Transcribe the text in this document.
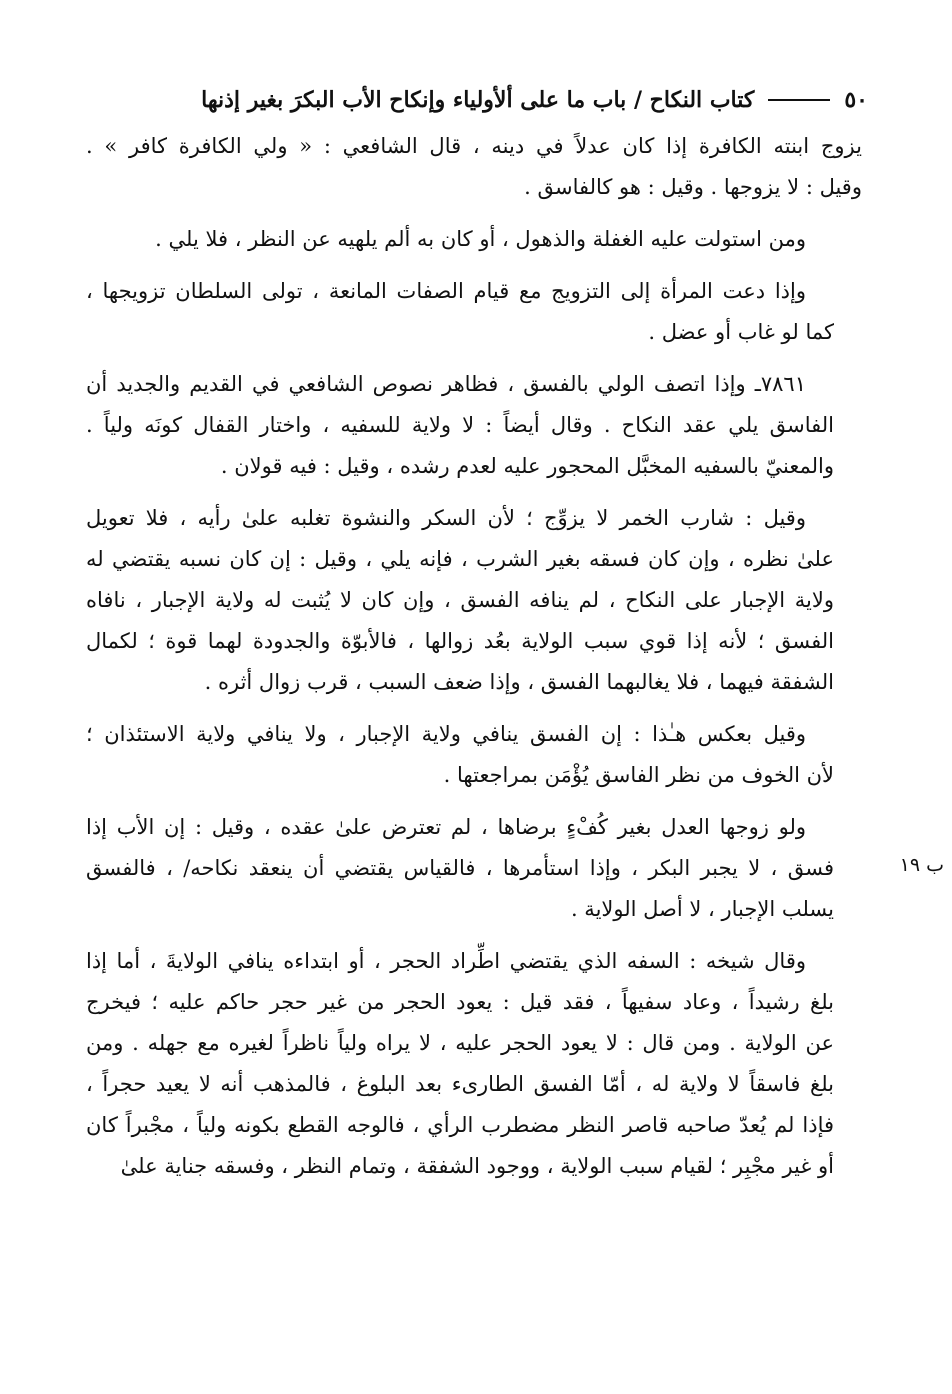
٥٠
كتاب النكاح / باب ما على ألأولياء وإنكاح الأب البكرَ بغير إذنها

يزوج ابنته الكافرة إذا كان عدلاً في دينه ، قال الشافعي : « ولي الكافرة كافر » .
وقيل : لا يزوجها . وقيل : هو كالفاسق .

ومن استولت عليه الغفلة والذهول ، أو كان به ألم يلهيه عن النظر ، فلا يلي .

وإذا دعت المرأة إلى التزويج مع قيام الصفات المانعة ، تولى السلطان تزويجها ،
كما لو غاب أو عضل .

٧٨٦١ـ وإذا اتصف الولي بالفسق ، فظاهر نصوص الشافعي في القديم والجديد أن
الفاسق يلي عقد النكاح . وقال أيضاً : لا ولاية للسفيه ، واختار القفال كونَه ولياً .
والمعنيّ بالسفيه المخبَّل المحجور عليه لعدم رشده ، وقيل : فيه قولان .

وقيل : شارب الخمر لا يزوِّج ؛ لأن السكر والنشوة تغلبه علىٰ رأيه ، فلا تعويل
علىٰ نظره ، وإن كان فسقه بغير الشرب ، فإنه يلي ، وقيل : إن كان نسبه يقتضي له
ولاية الإجبار على النكاح ، لم ينافه الفسق ، وإن كان لا يُثبت له ولاية الإجبار ، نافاه
الفسق ؛ لأنه إذا قوي سبب الولاية بعُد زوالها ، فالأبوّة والجدودة لهما قوة ؛ لكمال
الشفقة فيهما ، فلا يغالبهما الفسق ، وإذا ضعف السبب ، قرب زوال أثره .

وقيل بعكس هـٰذا : إن الفسق ينافي ولاية الإجبار ، ولا ينافي ولاية الاستئذان ؛
لأن الخوف من نظر الفاسق يُؤْمَن بمراجعتها .

ولو زوجها العدل بغير كُفْءٍ برضاها ، لم تعترض علىٰ عقده ، وقيل : إن الأب إذا
فسق ، لا يجبر البكر ، وإذا استأمرها ، فالقياس يقتضي أن ينعقد نكاحه/ ، فالفسق
يسلب الإجبار ، لا أصل الولاية .

وقال شيخه : السفه الذي يقتضي اطِّراد الحجر ، أو ابتداءه ينافي الولايةَ ، أما إذا
بلغ رشيداً ، وعاد سفيهاً ، فقد قيل : يعود الحجر من غير حجر حاكم عليه ؛ فيخرج
عن الولاية . ومن قال : لا يعود الحجر عليه ، لا يراه ولياً ناظراً لغيره مع جهله . ومن
بلغ فاسقاً لا ولاية له ، أمّا الفسق الطارىء بعد البلوغ ، فالمذهب أنه لا يعيد حجراً ،
فإذا لم يُعدّ صاحبه قاصر النظر مضطرب الرأي ، فالوجه القطع بكونه ولياً ، مجْبراً كان
أو غير مجْبِر ؛ لقيام سبب الولاية ، ووجود الشفقة ، وتمام النظر ، وفسقه جناية علىٰ

ب ١٩
